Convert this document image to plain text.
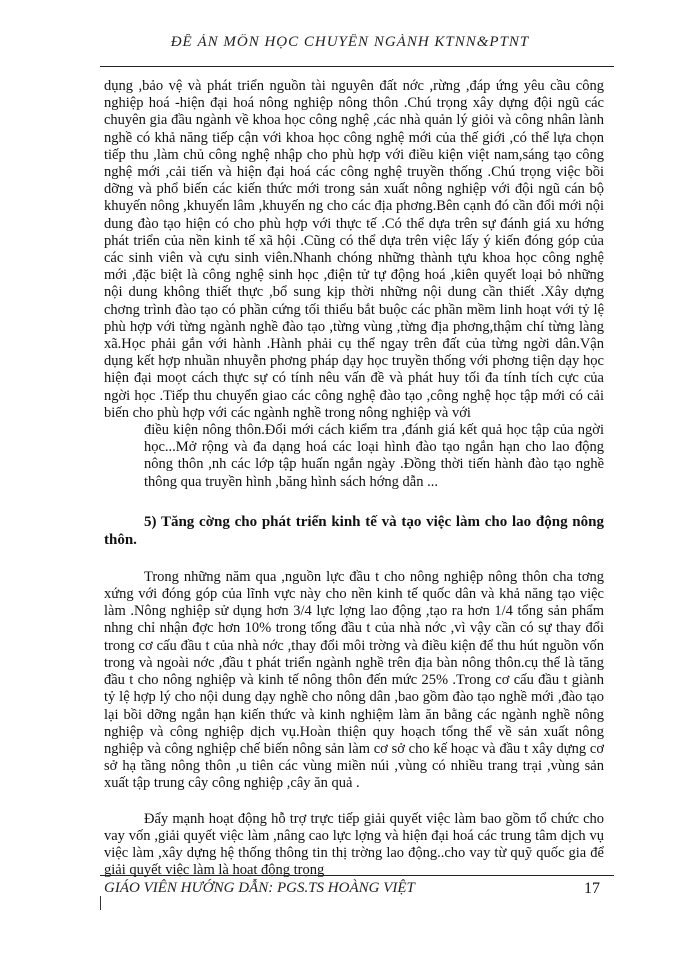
ĐỀ ÁN MÔN HỌC CHUYÊN NGÀNH KTNN&PTNT

dụng ,bảo vệ và phát triển nguồn tài nguyên đất nớc ,rừng ,đáp ứng yêu cầu công nghiệp hoá -hiện đại hoá nông nghiệp nông thôn .Chú trọng xây dựng đội ngũ các chuyên gia đầu ngành về khoa học công nghệ ,các nhà quản lý giỏi và công nhân lành nghề có khả năng tiếp cận với khoa học công nghệ mới của thế giới ,có thể lựa chọn tiếp thu ,làm chủ công nghệ nhập cho phù hợp với điều kiện việt nam,sáng tạo công nghệ mới ,cải tiến và hiện đại hoá các công nghệ truyền thống .Chú trọng việc bồi dỡng và phổ biến các kiến thức mới trong sản xuất nông nghiệp với đội ngũ cán bộ khuyến nông ,khuyến lâm ,khuyến ng cho các địa phơng.Bên cạnh đó cần đổi mới nội dung đào tạo hiện có cho phù hợp với thực tế .Có thể dựa trên sự đánh giá xu hớng phát triển của nền kinh tế xã hội .Cũng có thể dựa trên việc lấy ý kiến đóng góp của các sinh viên và cựu sinh viên.Nhanh chóng những thành tựu khoa học công nghệ mới ,đặc biệt là công nghệ sinh học ,điện tử tự động hoá ,kiên quyết loại bỏ những nội dung không thiết thực ,bổ sung kịp thời những nội dung cần thiết .Xây dựng chơng trình đào tạo có phần cứng tối thiểu bắt buộc các phần mềm linh hoạt với tỷ lệ phù hợp với từng ngành nghề đào tạo ,từng vùng ,từng địa phơng,thậm chí từng làng xã.Học phải gắn với hành .Hành phải cụ thể ngay trên đất của từng ngời dân.Vận dụng kết hợp nhuần nhuyễn phơng pháp dạy học truyền thống với phơng tiện dạy học hiện đại moọt cách thực sự có tính nêu vấn đề và phát huy tối đa tính tích cực của ngời học .Tiếp thu chuyển giao các công nghệ đào tạo ,công nghệ học tập mới có cải biến cho phù hợp với các ngành nghề trong nông nghiệp và với

điều kiện nông thôn.Đổi mới cách kiểm tra ,đánh giá kết quả học tập của ngời học...Mở rộng và đa dạng hoá các loại hình đào tạo ngắn hạn cho lao động nông thôn ,nh các lớp tập huấn ngắn ngày .Đồng thời tiến hành đào tạo nghề thông qua truyền hình ,băng hình sách hớng dẫn ...

5) Tăng cờng cho phát triển kinh tế và tạo việc làm cho lao động nông thôn.

Trong những năm qua ,nguồn lực đầu t cho nông nghiệp nông thôn cha tơng xứng với đóng góp của lĩnh vực này cho nền kinh tế quốc dân và khả năng tạo việc làm .Nông nghiệp sử dụng hơn 3/4 lực lợng lao động ,tạo ra hơn 1/4 tổng sản phẩm nhng chỉ nhận đợc hơn 10% trong tổng đầu t của nhà nớc ,vì vậy cần có sự thay đổi trong cơ cấu đầu t của nhà nớc ,thay đổi môi trờng và điều kiện để thu hút nguồn vốn trong và ngoài nớc ,đầu t phát triển ngành nghề trên địa bàn nông thôn.cụ thể là tăng đầu t cho nông nghiệp và kinh tế nông thôn đến mức 25% .Trong cơ cấu đầu t giành tỷ lệ hợp lý cho nội dung dạy nghề cho nông dân ,bao gồm đào tạo nghề mới ,đào tạo lại bồi dỡng ngắn hạn kiến thức và kinh nghiệm làm ăn bằng các ngành nghề nông nghiệp và công nghiệp dịch vụ.Hoàn thiện quy hoạch tổng thể về sản xuất nông nghiệp và công nghiệp chế biến nông sản làm cơ sở cho kế hoạc và đầu t xây dựng cơ sở hạ tầng nông thôn ,u tiên các vùng miền núi ,vùng có nhiều trang trại ,vùng sản xuất tập trung cây công nghiệp ,cây ăn quả .

Đẩy mạnh hoạt động hỗ trợ trực tiếp giải quyết việc làm bao gồm tổ chức cho vay vốn ,giải quyết việc làm ,nâng cao lực lợng và hiện đại hoá các trung tâm dịch vụ việc làm ,xây dựng hệ thống thông tin thị trờng lao động..cho vay từ quỹ quốc gia để giải quyết việc làm là hoạt động trọng

GIÁO VIÊN HƯỚNG DẪN: PGS.TS HOÀNG VIỆT	17
